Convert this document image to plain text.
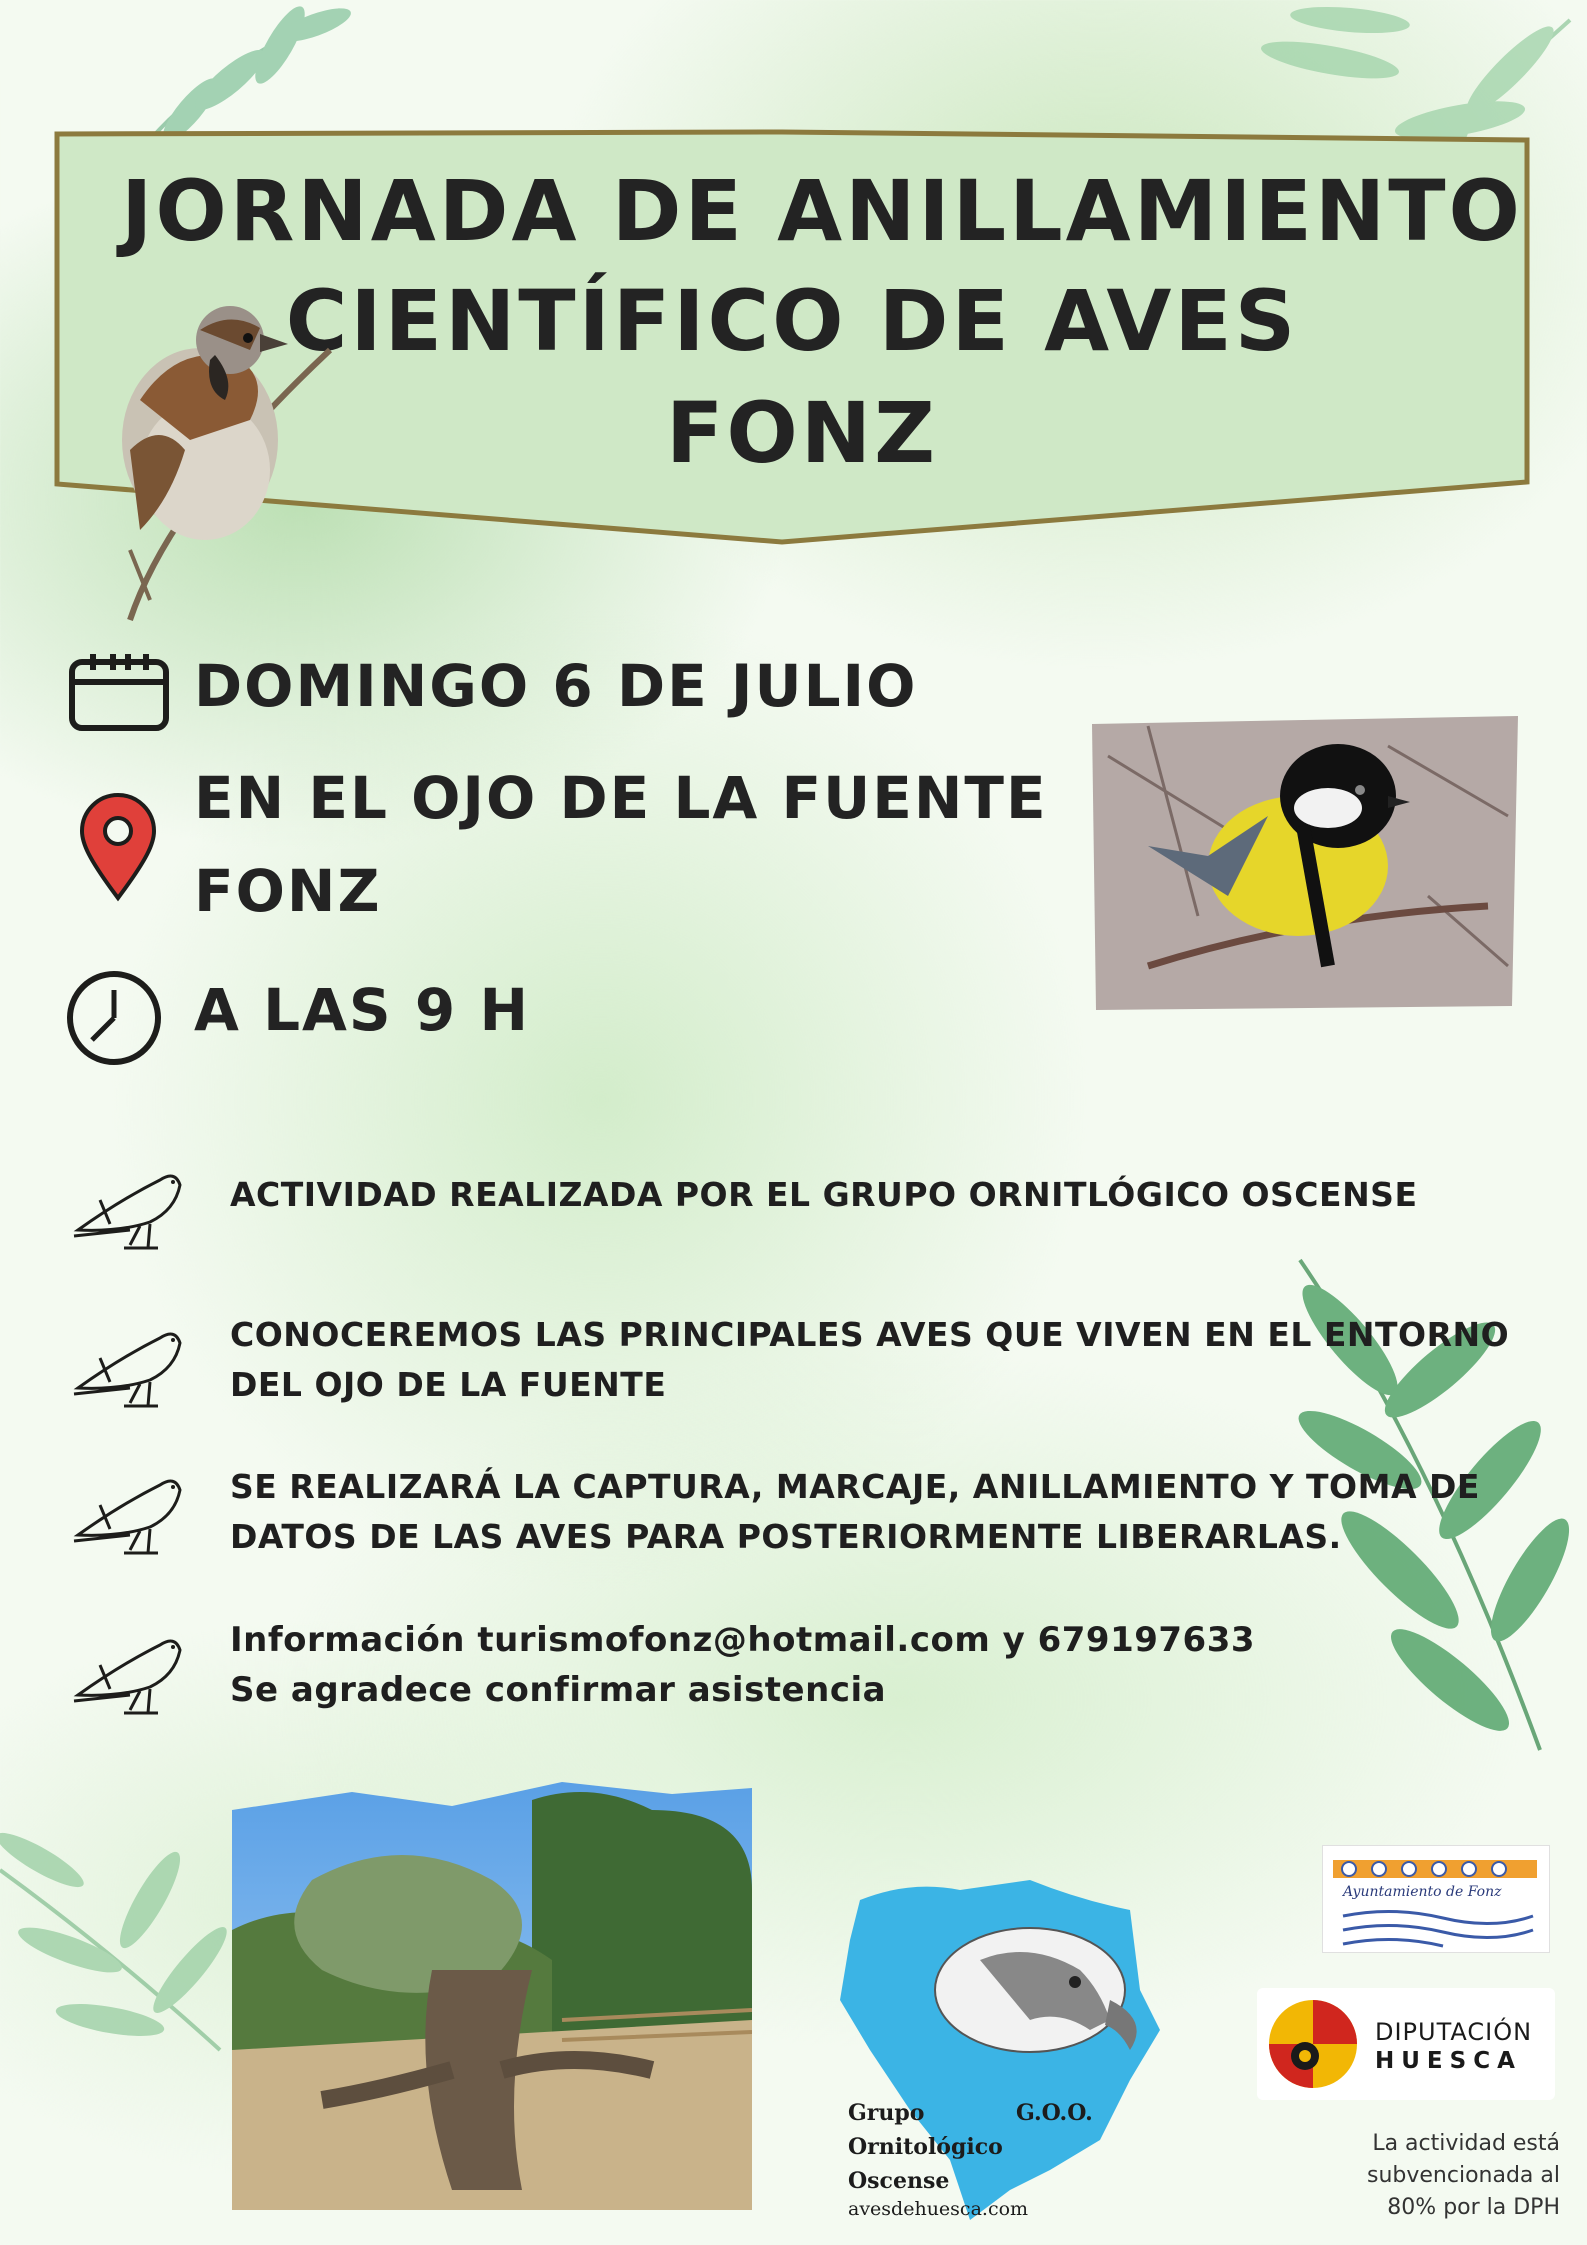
JORNADA DE ANILLAMIENTO
CIENTÍFICO DE AVES
FONZ
DOMINGO 6 DE JULIO
EN EL OJO DE LA FUENTE
FONZ
A LAS 9 H
ACTIVIDAD REALIZADA POR EL GRUPO ORNITLÓGICO OSCENSE
CONOCEREMOS LAS PRINCIPALES AVES QUE VIVEN EN EL ENTORNO
DEL OJO DE LA FUENTE
SE REALIZARÁ LA CAPTURA, MARCAJE, ANILLAMIENTO Y TOMA DE
DATOS DE LAS AVES PARA POSTERIORMENTE LIBERARLAS.
Información turismofonz@hotmail.com y 679197633
Se agradece confirmar asistencia
G.O.O.
Grupo
Ornitológico
Oscense
avesdehuesca.com
Ayuntamiento de Fonz
DIPUTACIÓN
HUESCA
La actividad está
subvencionada al
80% por la DPH
